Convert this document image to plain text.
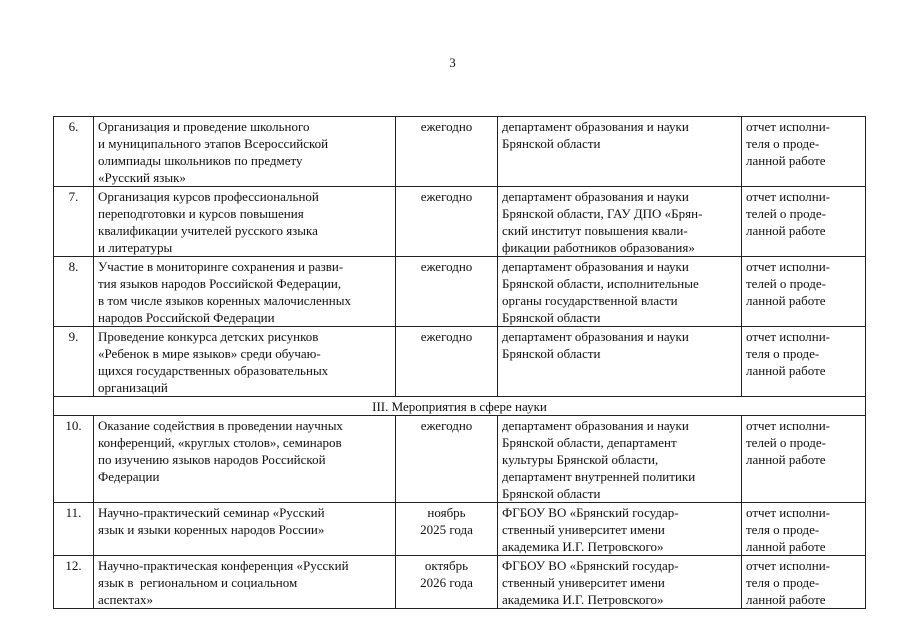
3
6.	Организация и проведение школьного
и муниципального этапов Всероссийской
олимпиады школьников по предмету
«Русский язык»	ежегодно	департамент образования и науки
Брянской области	отчет исполни-
теля о проде-
ланной работе

7.	Организация курсов профессиональной
переподготовки и курсов повышения
квалификации учителей русского языка
и литературы	ежегодно	департамент образования и науки
Брянской области, ГАУ ДПО «Брян-
ский институт повышения квали-
фикации работников образования»	отчет исполни-
телей о проде-
ланной работе

8.	Участие в мониторинге сохранения и разви-
тия языков народов Российской Федерации,
в том числе языков коренных малочисленных
народов Российской Федерации	ежегодно	департамент образования и науки
Брянской области, исполнительные
органы государственной власти
Брянской области	отчет исполни-
телей о проде-
ланной работе

9.	Проведение конкурса детских рисунков
«Ребенок в мире языков» среди обучаю-
щихся государственных образовательных
организаций	ежегодно	департамент образования и науки
Брянской области	отчет исполни-
теля о проде-
ланной работе

III. Мероприятия в сфере науки				
10.	Оказание содействия в проведении научных
конференций, «круглых столов», семинаров
по изучению языков народов Российской
Федерации	ежегодно	департамент образования и науки
Брянской области, департамент
культуры Брянской области,
департамент внутренней политики
Брянской области	отчет исполни-
телей о проде-
ланной работе

11.	Научно-практический семинар «Русский
язык и языки коренных народов России»	ноябрь
2025 года	ФГБОУ ВО «Брянский государ-
ственный университет имени
академика И.Г. Петровского»	отчет исполни-
теля о проде-
ланной работе

12.	Научно-практическая конференция «Русский
язык в  региональном и социальном
аспектах»	октябрь
2026 года	ФГБОУ ВО «Брянский государ-
ственный университет имени
академика И.Г. Петровского»	отчет исполни-
теля о проде-
ланной работе
